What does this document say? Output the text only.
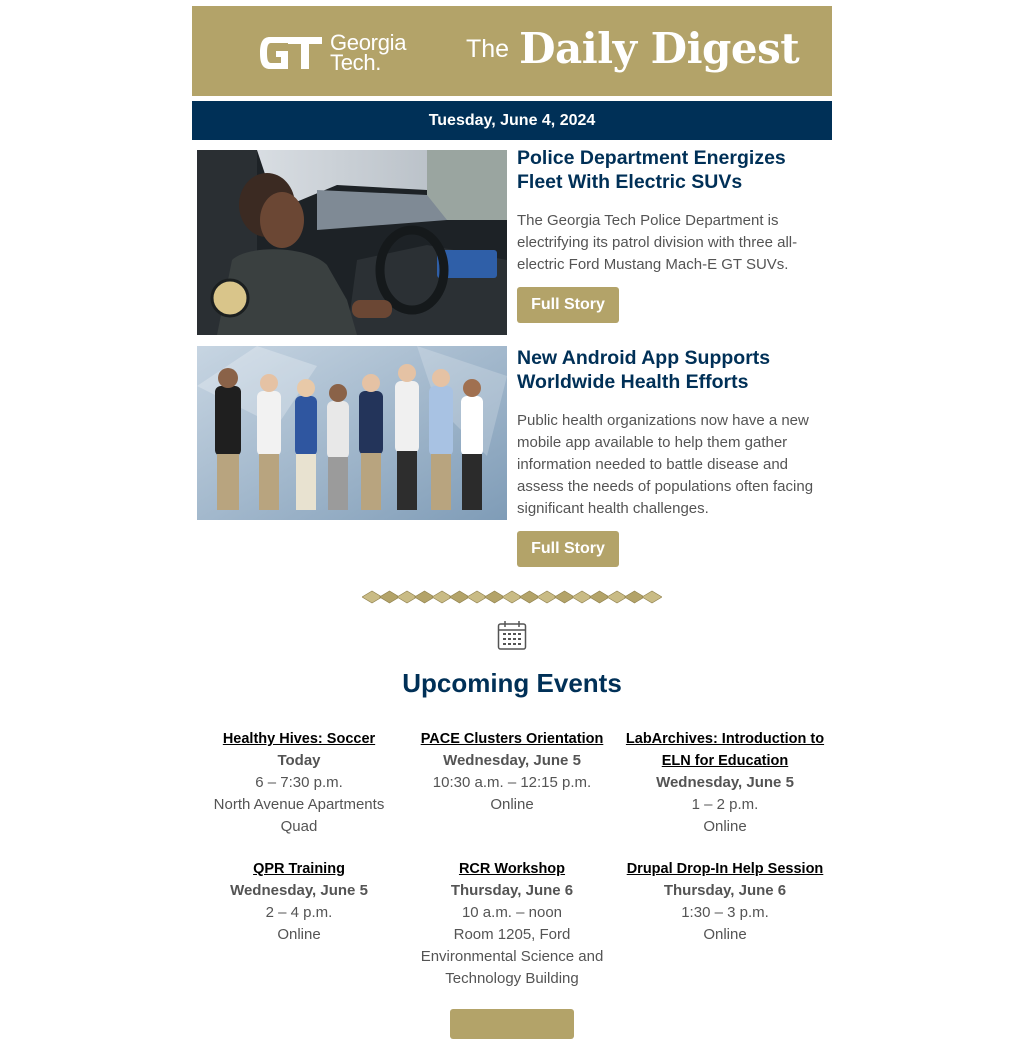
Georgia
Tech.	The Daily Digest
Tuesday, June 4, 2024
Police Department Energizes Fleet With Electric SUVs

The Georgia Tech Police Department is electrifying its patrol division with three all-electric Ford Mustang Mach-E GT SUVs.

Full Story
New Android App Supports Worldwide Health Efforts

Public health organizations now have a new mobile app available to help them gather information needed to battle disease and assess the needs of populations often facing significant health challenges.

Full Story
Upcoming Events
Healthy Hives: Soccer
Today
6 – 7:30 p.m.
North Avenue Apartments Quad
PACE Clusters Orientation
Wednesday, June 5
10:30 a.m. – 12:15 p.m.
Online
LabArchives: Introduction to ELN for Education
Wednesday, June 5
1 – 2 p.m.
Online
QPR Training
Wednesday, June 5
2 – 4 p.m.
Online
RCR Workshop
Thursday, June 6
10 a.m. – noon
Room 1205, Ford Environmental Science and Technology Building
Drupal Drop-In Help Session
Thursday, June 6
1:30 – 3 p.m.
Online
